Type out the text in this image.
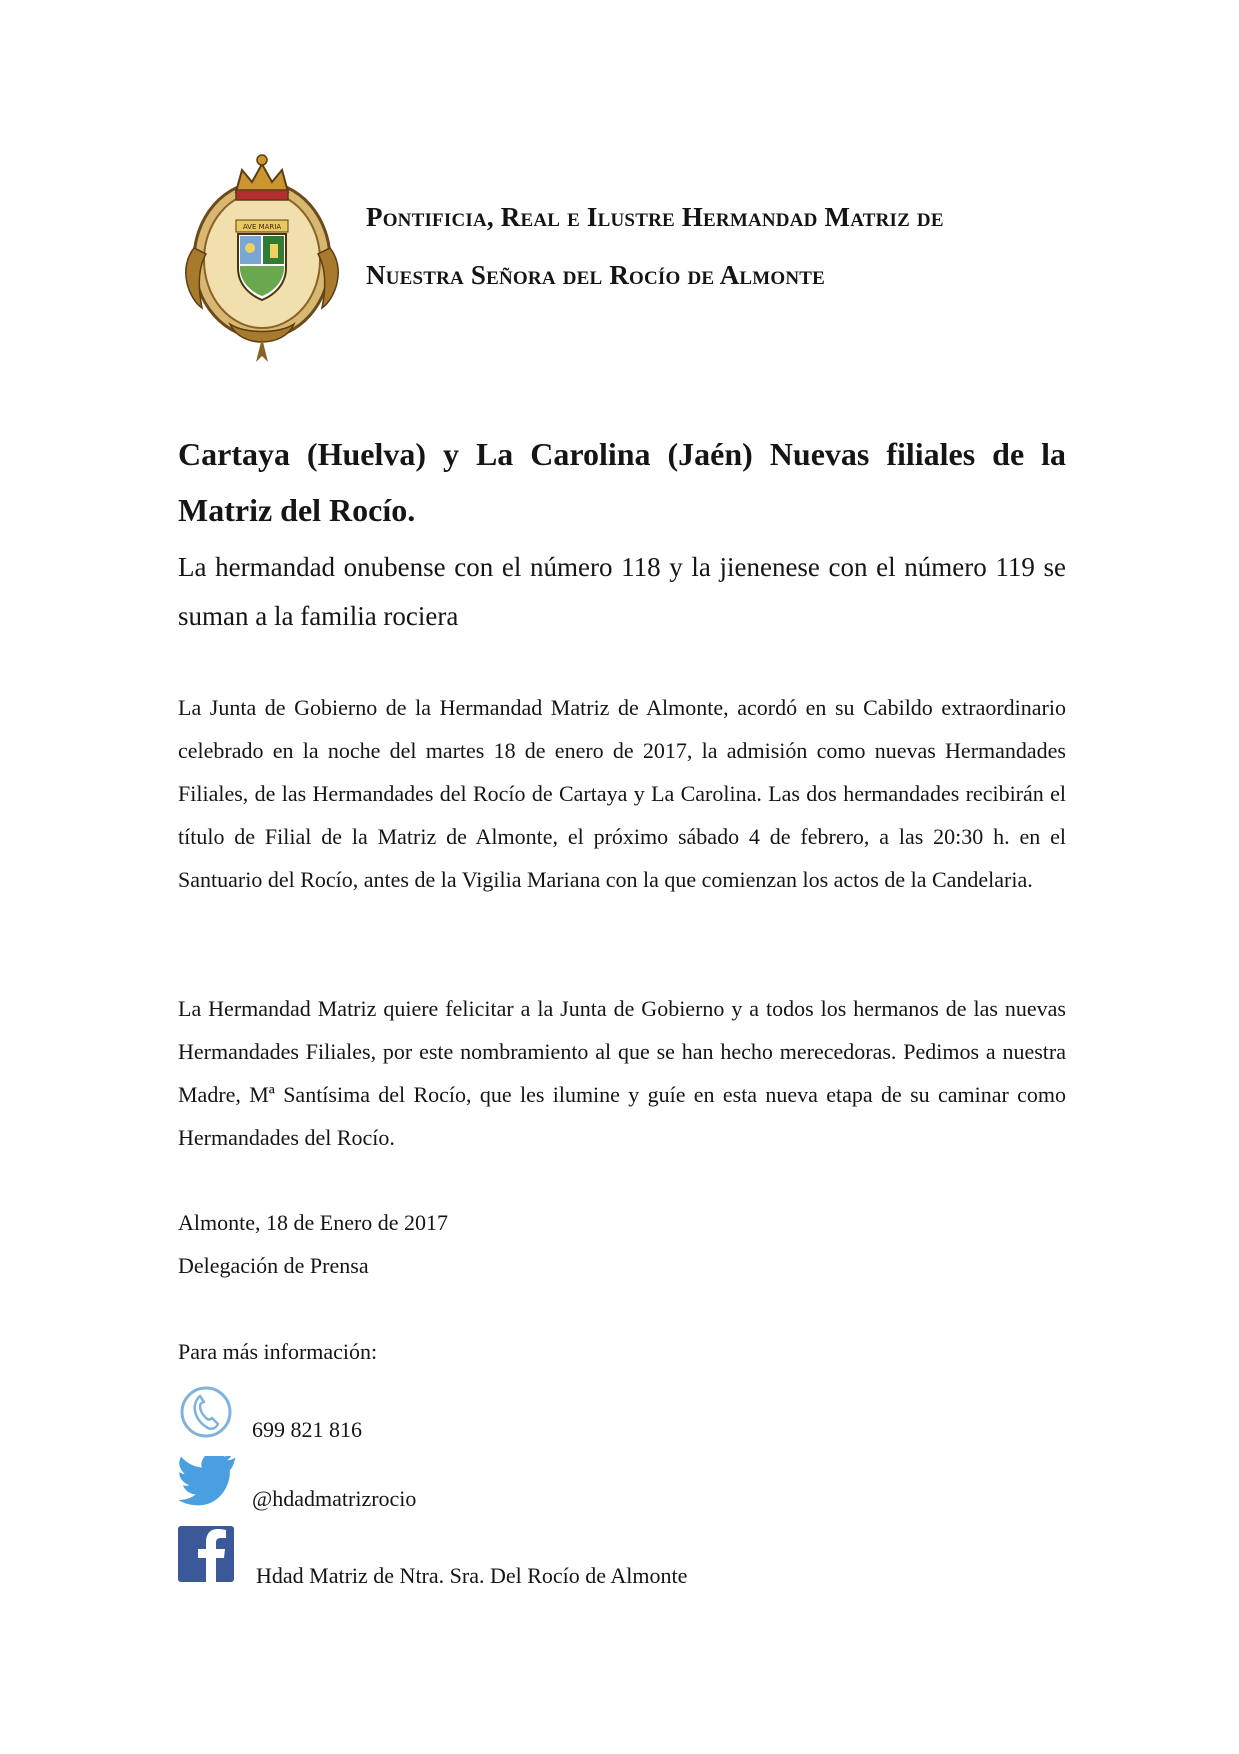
AVE MARIA	Pontificia, Real e Ilustre Hermandad Matriz de
Nuestra Señora del Rocío de Almonte
Cartaya (Huelva) y La Carolina (Jaén) Nuevas filiales de la Matriz del Rocío.
La hermandad onubense con el número 118 y la jienenese con el número 119 se suman a la familia rociera
La Junta de Gobierno de la Hermandad Matriz de Almonte, acordó en su Cabildo extraordinario celebrado en la noche del martes 18 de enero de 2017, la admisión como nuevas Hermandades Filiales, de las Hermandades del Rocío de Cartaya y La Carolina. Las dos hermandades recibirán el título de Filial de la Matriz de Almonte, el próximo sábado 4 de febrero, a las 20:30 h. en el Santuario del Rocío, antes de la Vigilia Mariana con la que comienzan los actos de la Candelaria.
La Hermandad Matriz quiere felicitar a la Junta de Gobierno y a todos los hermanos de las nuevas Hermandades Filiales, por este nombramiento al que se han hecho merecedoras. Pedimos a nuestra Madre, Mª Santísima del Rocío, que les ilumine y guíe en esta nueva etapa de su caminar como Hermandades del Rocío.
Almonte, 18 de Enero de 2017
Delegación de Prensa
Para más información:
699 821 816
@hdadmatrizrocio
Hdad Matriz de Ntra. Sra. Del Rocío de Almonte
